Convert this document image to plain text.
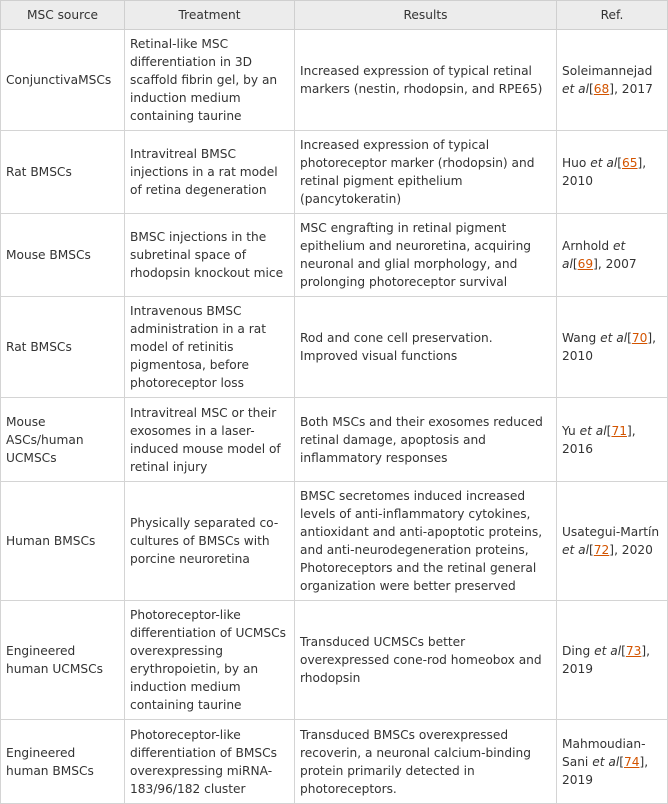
MSC source	Treatment	Results	Ref.
ConjunctivaMSCs	Retinal-like MSC differentiation in 3D scaffold fibrin gel, by an induction medium containing taurine	Increased expression of typical retinal markers (nestin, rhodopsin, and RPE65)	Soleimannejad et al[68], 2017
Rat BMSCs	Intravitreal BMSC injections in a rat model of retina degeneration	Increased expression of typical photoreceptor marker (rhodopsin) and retinal pigment epithelium (pancytokeratin)	Huo et al[65], 2010
Mouse BMSCs	BMSC injections in the subretinal space of rhodopsin knockout mice	MSC engrafting in retinal pigment epithelium and neuroretina, acquiring neuronal and glial morphology, and prolonging photoreceptor survival	Arnhold et al[69], 2007
Rat BMSCs	Intravenous BMSC administration in a rat model of retinitis pigmentosa, before photoreceptor loss	Rod and cone cell preservation. Improved visual functions	Wang et al[70], 2010
Mouse ASCs/human UCMSCs	Intravitreal MSC or their exosomes in a laser-induced mouse model of retinal injury	Both MSCs and their exosomes reduced retinal damage, apoptosis and inflammatory responses	Yu et al[71], 2016
Human BMSCs	Physically separated co-cultures of BMSCs with porcine neuroretina	BMSC secretomes induced increased levels of anti-inflammatory cytokines, antioxidant and anti-apoptotic proteins, and anti-neurodegeneration proteins, Photoreceptors and the retinal general organization were better preserved	Usategui-Martín et al[72], 2020
Engineered human UCMSCs	Photoreceptor-like differentiation of UCMSCs overexpressing erythropoietin, by an induction medium containing taurine	Transduced UCMSCs better overexpressed cone-rod homeobox and rhodopsin	Ding et al[73], 2019
Engineered human BMSCs	Photoreceptor-like differentiation of BMSCs overexpressing miRNA-183/96/182 cluster	Transduced BMSCs overexpressed recoverin, a neuronal calcium-binding protein primarily detected in photoreceptors.	Mahmoudian-Sani et al[74], 2019
